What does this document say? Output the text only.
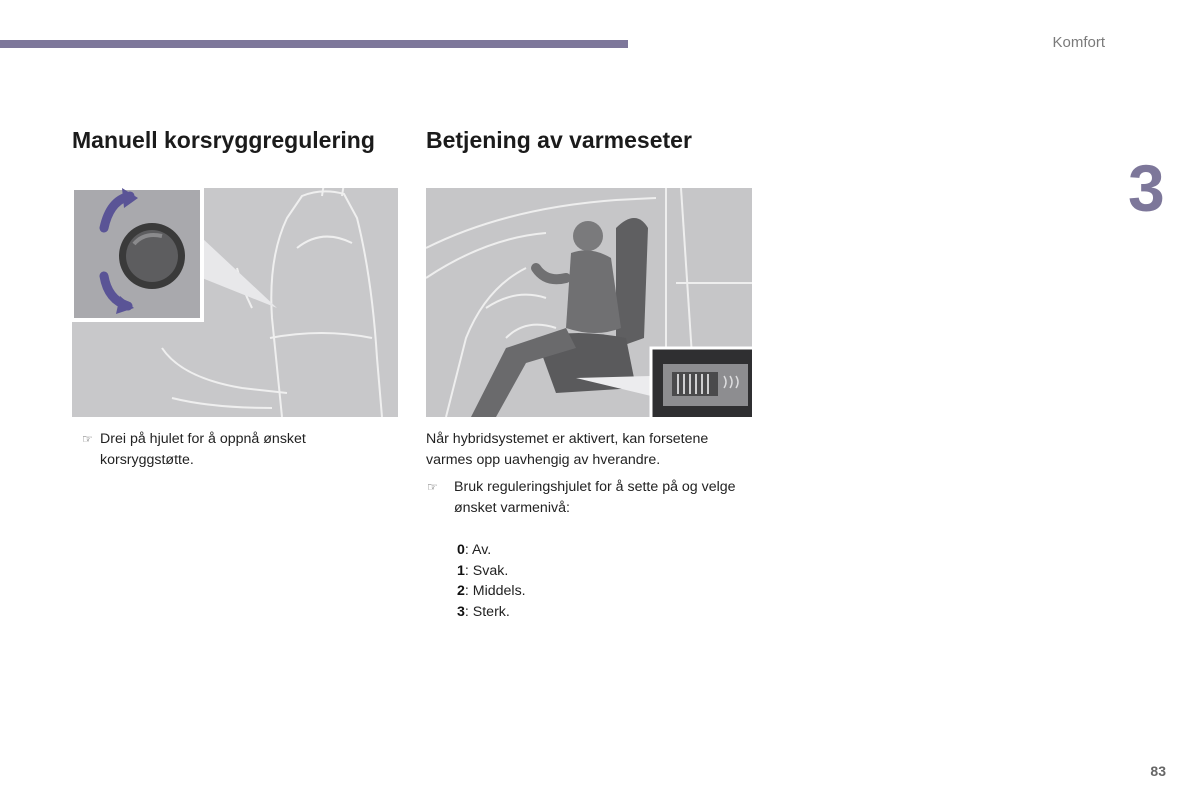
Komfort
3
Manuell korsryggregulering Betjening av varmeseter
☞ Drei på hjulet for å oppnå ønsket korsryggstøtte.
Når hybridsystemet er aktivert, kan forsetene varmes opp uavhengig av hverandre.
☞ Bruk reguleringshjulet for å sette på og velge ønsket varmenivå:
0: Av.
1: Svak.
2: Middels.
3: Sterk.
83
